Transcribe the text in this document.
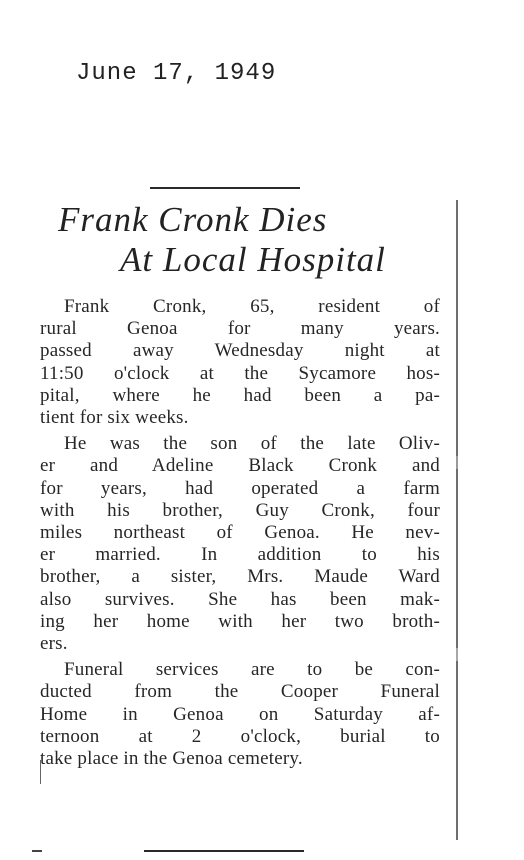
June 17, 1949
Frank Cronk Dies
At Local Hospital
Frank Cronk, 65, resident of
rural Genoa for many years.
passed away Wednesday night at
11:50 o'clock at the Sycamore hos-
pital, where he had been a pa-
tient for six weeks.
He was the son of the late Oliv-
er and Adeline Black Cronk and
for years, had operated a farm
with his brother, Guy Cronk, four
miles northeast of Genoa. He nev-
er married. In addition to his
brother, a sister, Mrs. Maude Ward
also survives. She has been mak-
ing her home with her two broth-
ers.
Funeral services are to be con-
ducted from the Cooper Funeral
Home in Genoa on Saturday af-
ternoon at 2 o'clock, burial to
take place in the Genoa cemetery.
